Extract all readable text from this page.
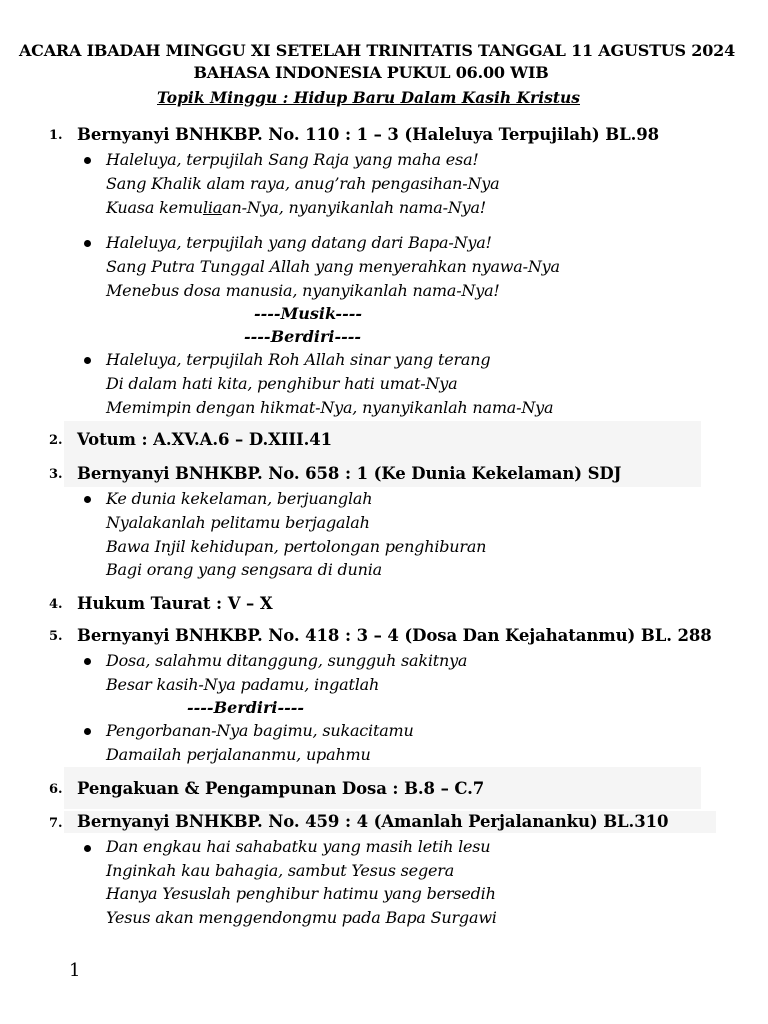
ACARA IBADAH MINGGU XI SETELAH TRINITATIS TANGGAL 11 AGUSTUS 2024
BAHASA INDONESIA PUKUL 06.00 WIB
Topik Minggu : Hidup Baru Dalam Kasih Kristus
1. Bernyanyi BNHKBP. No. 110 : 1 – 3 (Haleluya Terpujilah) BL.98
Haleluya, terpujilah Sang Raja yang maha esa!
Sang Khalik alam raya, anug’rah pengasihan-Nya
Kuasa kemuliaan-Nya, nyanyikanlah nama-Nya!
Haleluya, terpujilah yang datang dari Bapa-Nya!
Sang Putra Tunggal Allah yang menyerahkan nyawa-Nya
Menebus dosa manusia, nyanyikanlah nama-Nya!
----Musik----
----Berdiri----
Haleluya, terpujilah Roh Allah sinar yang terang
Di dalam hati kita, penghibur hati umat-Nya
Memimpin dengan hikmat-Nya, nyanyikanlah nama-Nya
2. Votum : A.XV.A.6 – D.XIII.41
3. Bernyanyi BNHKBP. No. 658 : 1 (Ke Dunia Kekelaman) SDJ
Ke dunia kekelaman, berjuanglah
Nyalakanlah pelitamu berjagalah
Bawa Injil kehidupan, pertolongan penghiburan
Bagi orang yang sengsara di dunia
4. Hukum Taurat : V – X
5. Bernyanyi BNHKBP. No. 418 : 3 – 4 (Dosa Dan Kejahatanmu) BL. 288
Dosa, salahmu ditanggung, sungguh sakitnya
Besar kasih-Nya padamu, ingatlah
----Berdiri----
Pengorbanan-Nya bagimu, sukacitamu
Damailah perjalananmu, upahmu
6. Pengakuan & Pengampunan Dosa : B.8 – C.7
7. Bernyanyi BNHKBP. No. 459 : 4 (Amanlah Perjalananku) BL.310
Dan engkau hai sahabatku yang masih letih lesu
Inginkah kau bahagia, sambut Yesus segera
Hanya Yesuslah penghibur hatimu yang bersedih
Yesus akan menggendongmu pada Bapa Surgawi
1
